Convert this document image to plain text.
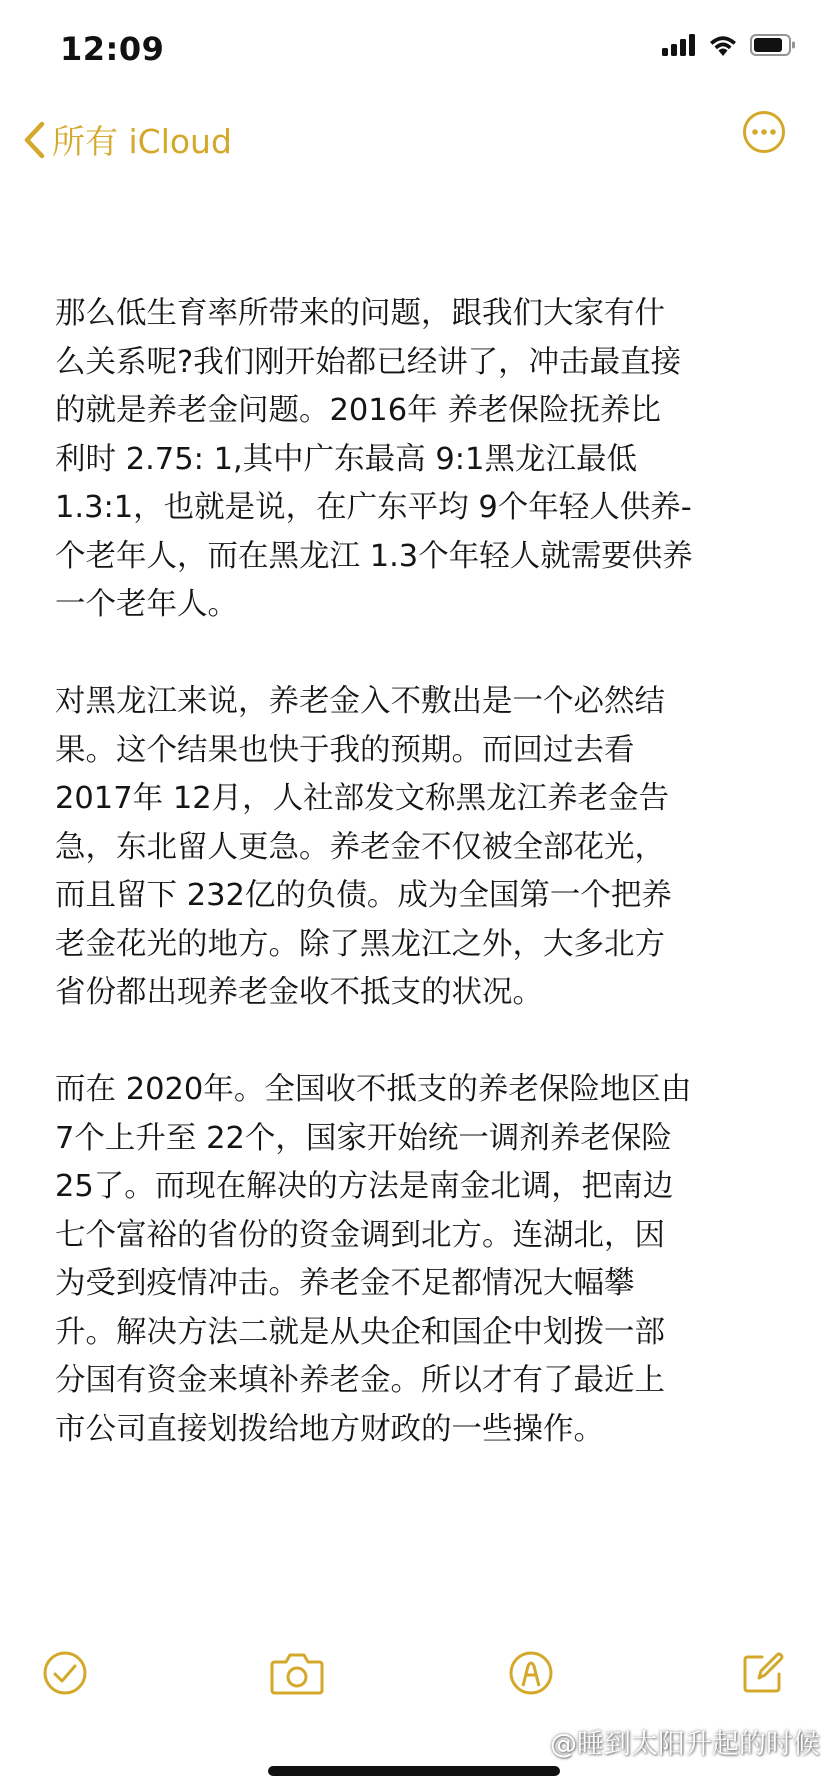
12:09
所有 iCloud

那么低生育率所带来的问题，跟我们大家有什
么关系呢?我们刚开始都已经讲了，冲击最直接
的就是养老金问题。2016年 养老保险抚养比
利时 2.75: 1,其中广东最高 9:1黑龙江最低
1.3:1，也就是说，在广东平均 9个年轻人供养-
个老年人，而在黑龙江 1.3个年轻人就需要供养
一个老年人。

对黑龙江来说，养老金入不敷出是一个必然结
果。这个结果也快于我的预期。而回过去看
2017年 12月，人社部发文称黑龙江养老金告
急，东北留人更急。养老金不仅被全部花光，
而且留下 232亿的负债。成为全国第一个把养
老金花光的地方。除了黑龙江之外，大多北方
省份都出现养老金收不抵支的状况。

而在 2020年。全国收不抵支的养老保险地区由
7个上升至 22个，国家开始统一调剂养老保险
25了。而现在解决的方法是南金北调，把南边
七个富裕的省份的资金调到北方。连湖北，因
为受到疫情冲击。养老金不足都情况大幅攀
升。解决方法二就是从央企和国企中划拨一部
分国有资金来填补养老金。所以才有了最近上
市公司直接划拨给地方财政的一些操作。

@睡到太阳升起的时候
